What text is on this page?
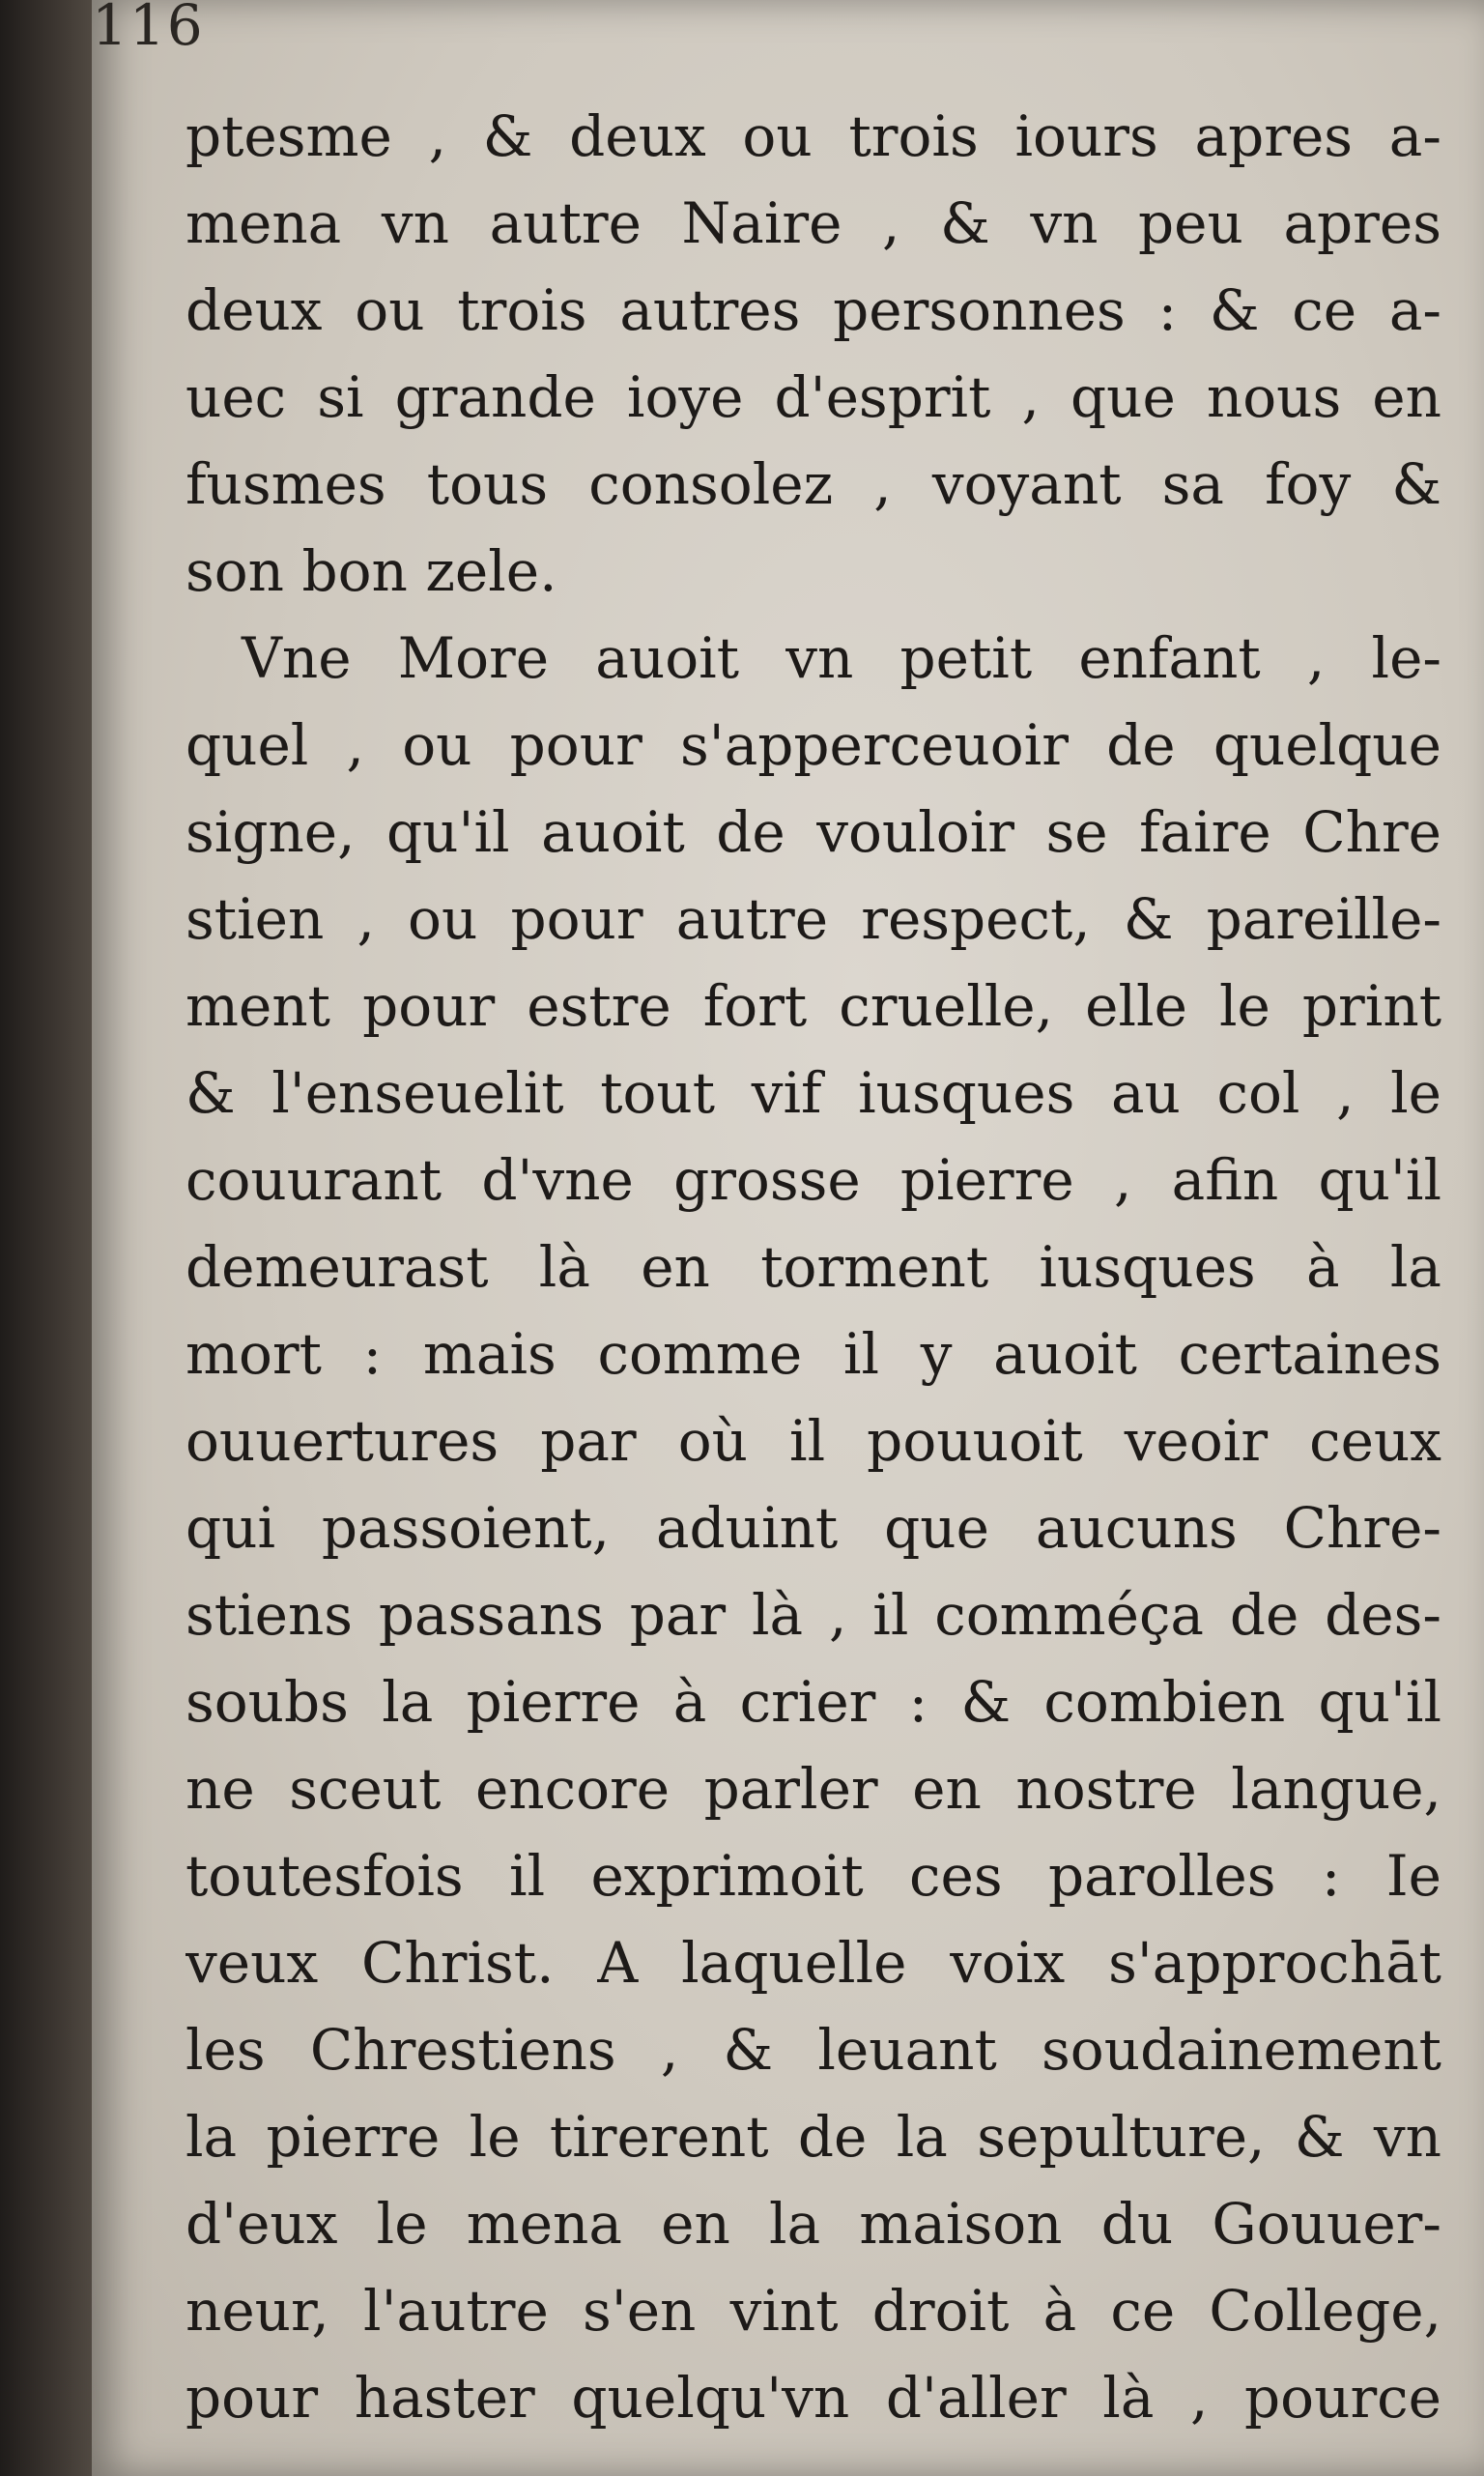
116
ptesme , & deux ou trois iours apres a-
mena vn autre Naire , & vn peu apres
deux ou trois autres personnes : & ce a-
uec si grande ioye d'esprit , que nous en
fusmes tous consolez , voyant sa foy &
son bon zele.
Vne More auoit vn petit enfant , le-
quel , ou pour s'apperceuoir de quelque
signe, qu'il auoit de vouloir se faire Chre
stien , ou pour autre respect, & pareille-
ment pour estre fort cruelle, elle le print
& l'enseuelit tout vif iusques au col , le
couurant d'vne grosse pierre , afin qu'il
demeurast là en torment iusques à la
mort : mais comme il y auoit certaines
ouuertures par où il pouuoit veoir ceux
qui passoient, aduint que aucuns Chre-
stiens passans par là , il comméça de des-
soubs la pierre à crier : & combien qu'il
ne sceut encore parler en nostre langue,
toutesfois il exprimoit ces parolles : Ie
veux Christ. A laquelle voix s'approchāt
les Chrestiens , & leuant soudainement
la pierre le tirerent de la sepulture, & vn
d'eux le mena en la maison du Gouuer-
neur, l'autre s'en vint droit à ce College,
pour haster quelqu'vn d'aller là , pource
